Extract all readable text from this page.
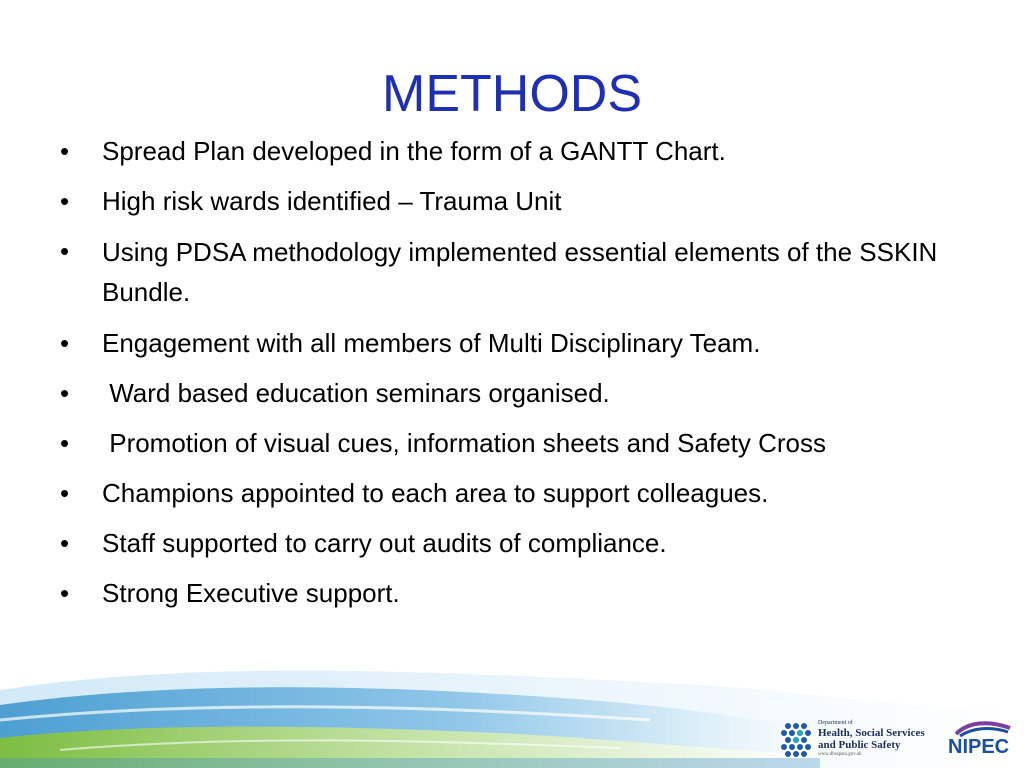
METHODS
• Spread Plan developed in the form of a GANTT Chart.
• High risk wards identified – Trauma Unit
• Using PDSA methodology implemented essential elements of the SSKIN Bundle.
• Engagement with all members of Multi Disciplinary Team.
• Ward based education seminars organised.
• Promotion of visual cues, information sheets and Safety Cross
• Champions appointed to each area to support colleagues.
• Staff supported to carry out audits of compliance.
• Strong Executive support.
Department of
Health, Social Services
and Public Safety
www.dhsspsni.gov.uk	NIPEC
